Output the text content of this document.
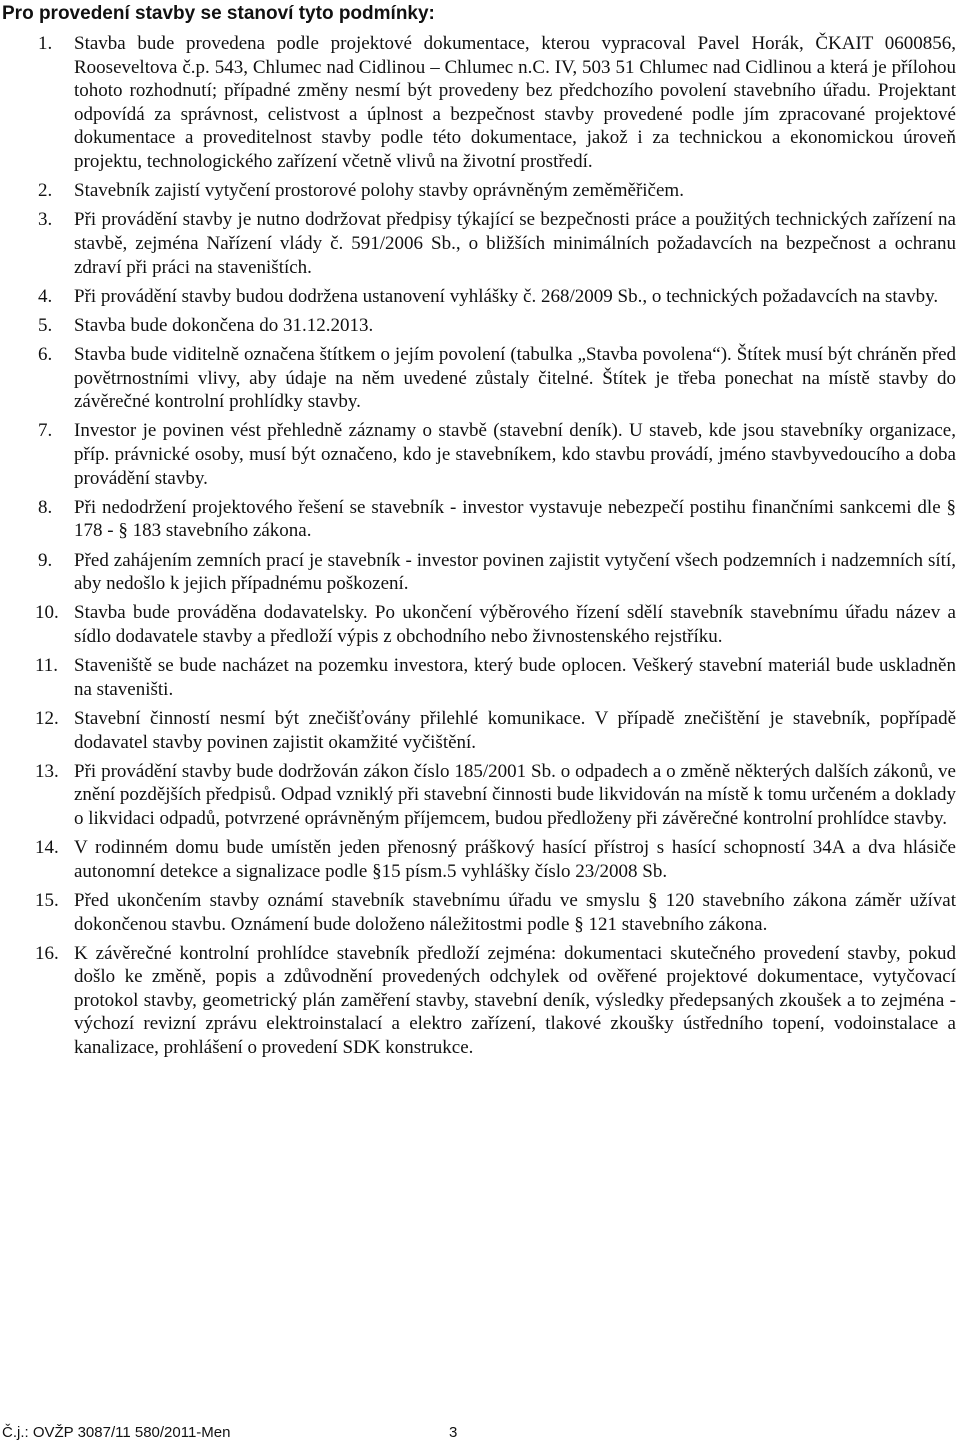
Pro provedení stavby se stanoví tyto podmínky:
1.	Stavba bude provedena podle projektové dokumentace, kterou vypracoval Pavel Horák, ČKAIT 0600856, Rooseveltova č.p. 543, Chlumec nad Cidlinou – Chlumec n.C. IV, 503 51 Chlumec nad Cidlinou a která je přílohou tohoto rozhodnutí; případné změny nesmí být provedeny bez předchozího povolení stavebního úřadu. Projektant odpovídá za správnost, celistvost a úplnost a bezpečnost stavby provedené podle jím zpracované projektové dokumentace a proveditelnost stavby podle této dokumentace, jakož i za technickou a ekonomickou úroveň projektu, technologického zařízení včetně vlivů na životní prostředí.
2.	Stavebník zajistí vytyčení prostorové polohy stavby oprávněným zeměměřičem.
3.	Při provádění stavby je nutno dodržovat předpisy týkající se bezpečnosti práce a použitých technických zařízení na stavbě, zejména Nařízení vlády č. 591/2006 Sb., o bližších minimálních požadavcích na bezpečnost a ochranu zdraví při práci na staveništích.
4.	Při provádění stavby budou dodržena ustanovení vyhlášky č. 268/2009 Sb., o technických požadavcích na stavby.
5.	Stavba bude dokončena do 31.12.2013.
6.	Stavba bude viditelně označena štítkem o jejím povolení (tabulka „Stavba povolena“). Štítek musí být chráněn před povětrnostními vlivy, aby údaje na něm uvedené zůstaly čitelné. Štítek je třeba ponechat na místě stavby do závěrečné kontrolní prohlídky stavby.
7.	Investor je povinen vést přehledně záznamy o stavbě (stavební deník). U staveb, kde jsou stavebníky organizace, příp. právnické osoby, musí být označeno, kdo je stavebníkem, kdo stavbu provádí, jméno stavbyvedoucího a doba provádění stavby.
8.	Při nedodržení projektového řešení se stavebník - investor vystavuje nebezpečí postihu finančními sankcemi dle § 178 - § 183 stavebního zákona.
9.	Před zahájením zemních prací je stavebník - investor povinen zajistit vytyčení všech podzemních i nadzemních sítí, aby nedošlo k jejich případnému poškození.
10. Stavba bude prováděna dodavatelsky. Po ukončení výběrového řízení sdělí stavebník stavebnímu úřadu název a sídlo dodavatele stavby a předloží výpis z obchodního nebo živnostenského rejstříku.
11. Staveniště se bude nacházet na pozemku investora, který bude oplocen. Veškerý stavební materiál bude uskladněn na staveništi.
12. Stavební činností nesmí být znečišťovány přilehlé komunikace. V případě znečištění je stavebník, popřípadě dodavatel stavby povinen zajistit okamžité vyčištění.
13. Při provádění stavby bude dodržován zákon číslo 185/2001 Sb. o odpadech a o změně některých dalších zákonů, ve znění pozdějších předpisů. Odpad vzniklý při stavební činnosti bude likvidován na místě k tomu určeném a doklady o likvidaci odpadů, potvrzené oprávněným příjemcem, budou předloženy při závěrečné kontrolní prohlídce stavby.
14. V rodinném domu bude umístěn jeden přenosný práškový hasící přístroj s hasící schopností 34A a dva hlásiče autonomní detekce a signalizace podle §15 písm.5 vyhlášky číslo 23/2008 Sb.
15. Před ukončením stavby oznámí stavebník stavebnímu úřadu ve smyslu § 120 stavebního zákona záměr užívat dokončenou stavbu. Oznámení bude doloženo náležitostmi podle § 121 stavebního zákona.
16. K závěrečné kontrolní prohlídce stavebník předloží zejména: dokumentaci skutečného provedení stavby, pokud došlo ke změně, popis a zdůvodnění provedených odchylek od ověřené projektové dokumentace, vytyčovací protokol stavby, geometrický plán zaměření stavby, stavební deník, výsledky předepsaných zkoušek a to zejména - výchozí revizní zprávu elektroinstalací a elektro zařízení, tlakové zkoušky ústředního topení, vodoinstalace a kanalizace, prohlášení o provedení SDK konstrukce.
Č.j.: OVŽP 3087/11 580/2011-Men	3
